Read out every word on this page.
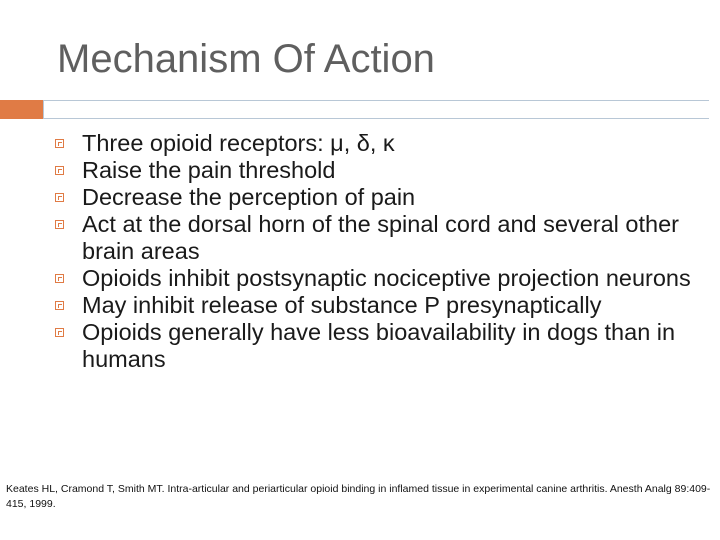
Mechanism Of Action
Three opioid receptors: μ, δ, κ
Raise the pain threshold
Decrease the perception of pain
Act at the dorsal horn of the spinal cord and several other brain areas
Opioids inhibit postsynaptic nociceptive projection neurons
May inhibit release of substance P presynaptically
Opioids generally have less bioavailability in dogs than in humans

Keates HL, Cramond T, Smith MT. Intra-articular and periarticular opioid binding in inflamed tissue in experimental canine arthritis. Anesth Analg 89:409-415, 1999.
